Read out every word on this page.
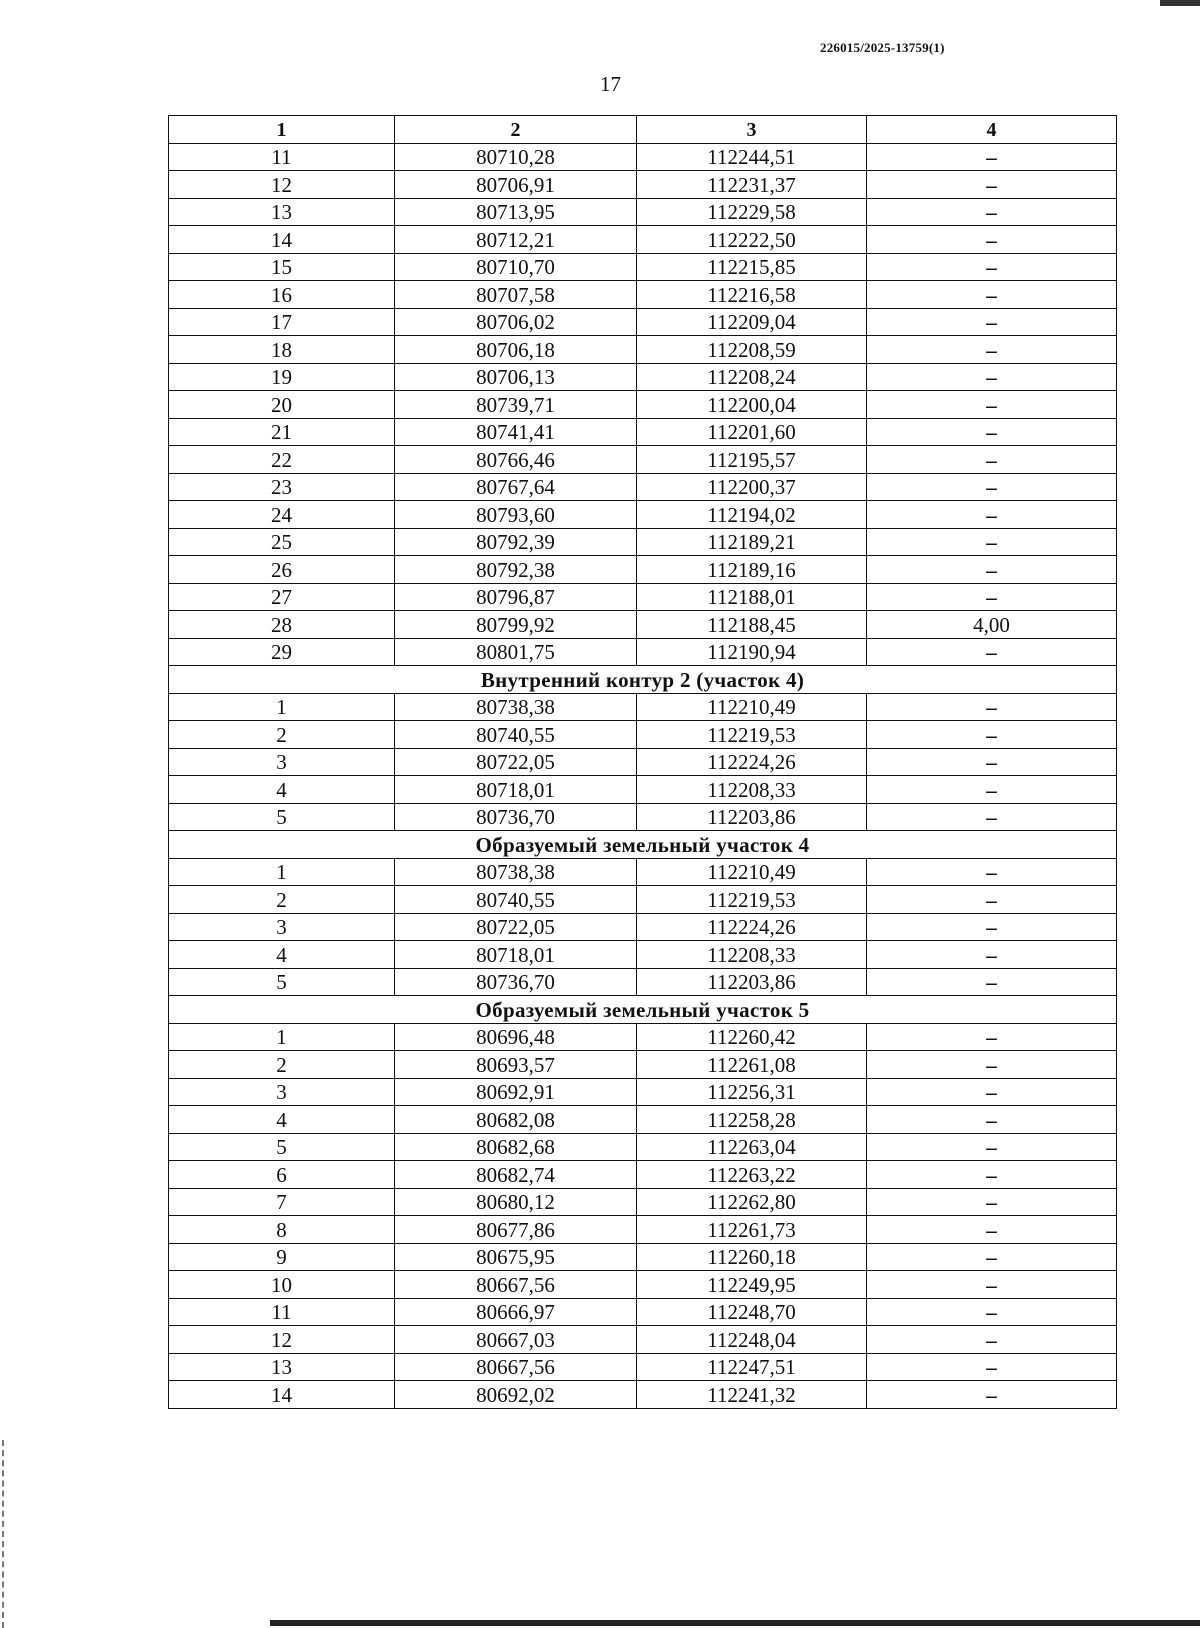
226015/2025-13759(1)
17
1	2	3	4
11	80710,28	112244,51	–
12	80706,91	112231,37	–
13	80713,95	112229,58	–
14	80712,21	112222,50	–
15	80710,70	112215,85	–
16	80707,58	112216,58	–
17	80706,02	112209,04	–
18	80706,18	112208,59	–
19	80706,13	112208,24	–
20	80739,71	112200,04	–
21	80741,41	112201,60	–
22	80766,46	112195,57	–
23	80767,64	112200,37	–
24	80793,60	112194,02	–
25	80792,39	112189,21	–
26	80792,38	112189,16	–
27	80796,87	112188,01	–
28	80799,92	112188,45	4,00
29	80801,75	112190,94	–
Внутренний контур 2 (участок 4)			
1	80738,38	112210,49	–
2	80740,55	112219,53	–
3	80722,05	112224,26	–
4	80718,01	112208,33	–
5	80736,70	112203,86	–
Образуемый земельный участок 4			
1	80738,38	112210,49	–
2	80740,55	112219,53	–
3	80722,05	112224,26	–
4	80718,01	112208,33	–
5	80736,70	112203,86	–
Образуемый земельный участок 5			
1	80696,48	112260,42	–
2	80693,57	112261,08	–
3	80692,91	112256,31	–
4	80682,08	112258,28	–
5	80682,68	112263,04	–
6	80682,74	112263,22	–
7	80680,12	112262,80	–
8	80677,86	112261,73	–
9	80675,95	112260,18	–
10	80667,56	112249,95	–
11	80666,97	112248,70	–
12	80667,03	112248,04	–
13	80667,56	112247,51	–
14	80692,02	112241,32	–
